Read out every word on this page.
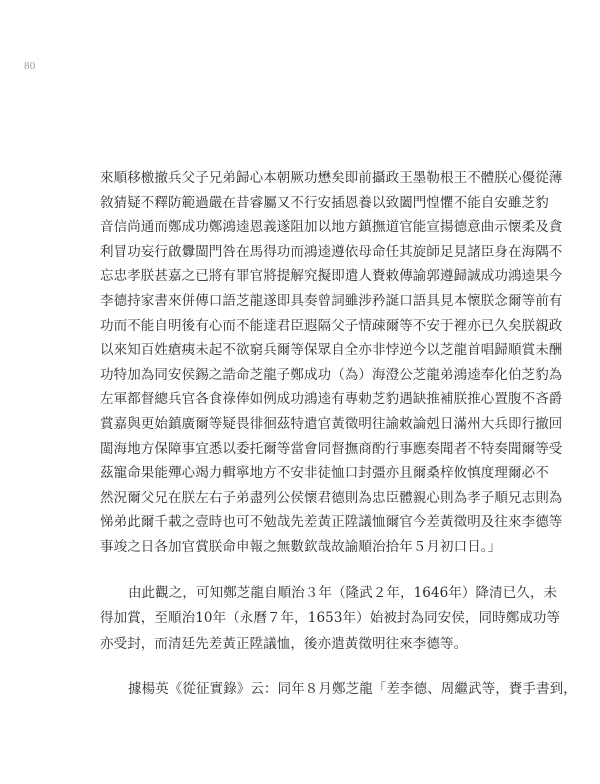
80
來順移檄撤兵父子兄弟歸心本朝厥功懋矣即前攝政王墨勒根王不體朕心優從薄
敘猜疑不釋防範過嚴在昔睿屬又不行安插恩養以致闔門惶懼不能自安雖芝豹
音信尚通而鄭成功鄭鴻逵恩義遂阻加以地方鎮撫道官能宣揚德意曲示懷柔及貪
利冒功妄行啟釁閩門咎在馬得功而鴻逵遵依母命任其旋師足見諸臣身在海隅不
忘忠孝朕甚嘉之已將有罪官將提解究擬即遣人賚敕傳諭郭遵歸誠成功鴻逵果今
李德持家書來併傳口語芝龍遂即具奏曾詞雖涉矜誕口語具見本懷朕念爾等前有
功而不能自明後有心而不能達君臣遐隔父子情疎爾等不安于裡亦已久矣朕親政
以來知百姓瘡痍未起不欲窮兵爾等保眾自全亦非悖逆今以芝龍首唱歸順賞未酬
功特加為同安侯錫之誥命芝龍子鄭成功（為）海澄公芝龍弟鴻逵奉化伯芝豹為
左軍都督總兵官各食祿俸如例成功鴻逵有專勅芝豹遇缺推補朕推心置腹不吝爵
賞嘉與更始鎮廣爾等疑畏徘徊茲特遣官黃徵明往諭敕論剋日滿州大兵即行撤回
閩海地方保障事宜悉以委托爾等當會同督撫商酌行事應奏聞者不特奏聞爾等受
茲寵命果能殫心竭力輯寧地方不安非徒恤口封彊亦且爾桑梓攸慎度理爾必不
然況爾父兄在朕左右子弟盡列公侯懷君德則為忠臣體親心則為孝子順兄志則為
悌弟此爾千載之壹時也可不勉哉先差黃正陞議恤爾官今差黃徵明及往來李德等
事竣之日各加官賞朕命申報之無數欽哉故諭順治拾年５月初口日。」
由此觀之，可知鄭芝龍自順治３年（隆武２年，1646年）降清已久，未
得加賞，至順治10年（永曆７年，1653年）始被封為同安侯，同時鄭成功等
亦受封，而清廷先差黃正陞議恤，後亦遣黃徵明往來李德等。
據楊英《從征實錄》云：同年８月鄭芝龍「差李德、周繼武等，賚手書到，
